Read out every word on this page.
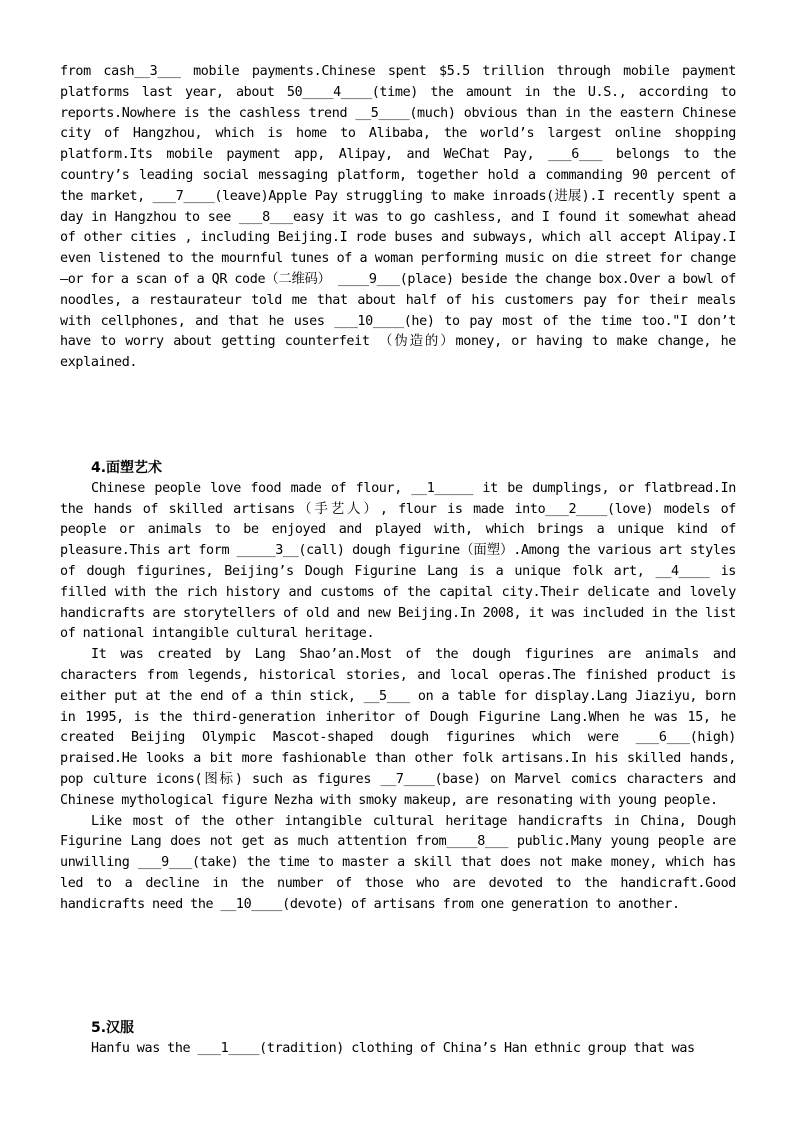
from cash__3___ mobile payments.Chinese spent $5.5 trillion through mobile payment platforms last year, about 50____4____(time) the amount in the U.S., according to reports.Nowhere is the cashless trend __5____(much) obvious than in the eastern Chinese city of Hangzhou, which is home to Alibaba, the world’s largest online shopping platform.Its mobile payment app, Alipay, and WeChat Pay, ___6___ belongs to the country’s leading social messaging platform, together hold a commanding 90 percent of the market, ___7____(leave)Apple Pay struggling to make inroads(进展).I recently spent a day in Hangzhou to see ___8___easy it was to go cashless, and I found it somewhat ahead of other cities , including Beijing.I rode buses and subways, which all accept Alipay.I even listened to the mournful tunes of a woman performing music on die street for change—or for a scan of a QR code（二维码） ____9___(place) beside the change box.Over a bowl of noodles, a restaurateur told me that about half of his customers pay for their meals with cellphones, and that he uses ___10____(he) to pay most of the time too."I don’t have to worry about getting counterfeit （伪造的）money, or having to make change, he explained.

4.面塑艺术

Chinese people love food made of flour, __1_____ it be dumplings, or flatbread.In the hands of skilled artisans（手艺人）, flour is made into___2____(love) models of people or animals to be enjoyed and played with, which brings a unique kind of pleasure.This art form _____3__(call) dough figurine（面塑）.Among the various art styles of dough figurines, Beijing’s Dough Figurine Lang is a unique folk art, __4____ is filled with the rich history and customs of the capital city.Their delicate and lovely handicrafts are storytellers of old and new Beijing.In 2008, it was included in the list of national intangible cultural heritage.

It was created by Lang Shao’an.Most of the dough figurines are animals and characters from legends, historical stories, and local operas.The finished product is either put at the end of a thin stick, __5___ on a table for display.Lang Jiaziyu, born in 1995, is the third-generation inheritor of Dough Figurine Lang.When he was 15, he created Beijing Olympic Mascot-shaped dough figurines which were ___6___(high) praised.He looks a bit more fashionable than other folk artisans.In his skilled hands, pop culture icons(图标) such as figures __7____(base) on Marvel comics characters and Chinese mythological figure Nezha with smoky makeup, are resonating with young people.

Like most of the other intangible cultural heritage handicrafts in China, Dough Figurine Lang does not get as much attention from____8___ public.Many young people are unwilling ___9___(take) the time to master a skill that does not make money, which has led to a decline in the number of those who are devoted to the handicraft.Good handicrafts need the __10____(devote) of artisans from one generation to another.

5.汉服

Hanfu was the ___1____(tradition) clothing of China’s Han ethnic group that was
